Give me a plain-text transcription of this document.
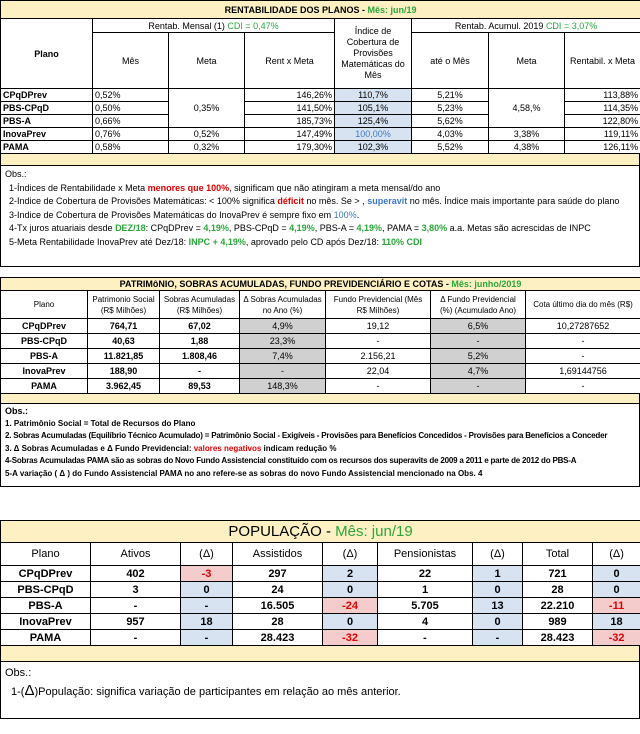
RENTABILIDADE DOS PLANOS - Mês: jun/19							
Plano	Rentab. Mensal (1) CDI = 0,47%			Índice de Cobertura de Provisões Matemáticas do Mês	Rentab. Acumul. 2019 CDI = 3,07%		
	Mês	Meta	Rent x Meta		até o Mês	Meta	Rentabil. x Meta
CPqDPrev	0,52%	0,35%	146,26%	110,7%	5,21%	4,58,%	113,88%
PBS-CPqD	0,50%		141,50%	105,1%	5,23%		114,35%
PBS-A	0,66%		185,73%	125,4%	5,62%		122,80%
InovaPrev	0,76%	0,52%	147,49%	100,00%	4,03%	3,38%	119,11%
PAMA	0,58%	0,32%	179,30%	102,3%	5,52%	4,38%	126,11%
Obs.:
1-Índices de Rentabilidade x Meta menores que 100%, significam que não atingiram a meta mensal/do ano
2-Indice de Cobertura de Provisões Matemáticas: < 100% significa déficit no mês. Se > , superavit no mês. Índice mais importante para saúde do plano
3-Indice de Cobertura de Provisões Matemáticas do InovaPrev é sempre fixo em 100%.
4-Tx juros atuariais desde DEZ/18: CPqDPrev = 4,19%, PBS-CPqD = 4,19%, PBS-A = 4,19%, PAMA = 3,80% a.a. Metas são acrescidas de INPC
5-Meta Rentabilidade InovaPrev até Dez/18: INPC + 4,19%, aprovado pelo CD após Dez/18: 110% CDI
PATRIMôNIO, SOBRAS ACUMULADAS, FUNDO PREVIDENCIÁRIO E COTAS - Mês: junho/2019						
Plano	Patrimonio Social (R$ Milhões)	Sobras Acumuladas (R$ Milhões)	Δ Sobras Acumuladas no Ano (%)	Fundo Previdencial (Mês R$ Milhões)	Δ Fundo Previdencial (%) (Acumulado Ano)	Cota último dia do mês (R$)
CPqDPrev	764,71	67,02	4,9%	19,12	6,5%	10,27287652
PBS-CPqD	40,63	1,88	23,3%	-	-	-
PBS-A	11.821,85	1.808,46	7,4%	2.156,21	5,2%	-
InovaPrev	188,90	-	-	22,04	4,7%	1,69144756
PAMA	3.962,45	89,53	148,3%	-	-	-
Obs.:
1. Patrimônio Social = Total de Recursos do Plano
2. Sobras Acumuladas (Equilíbrio Técnico Acumulado) = Patrimônio Social - Exigíveis - Provisões para Benefícios Concedidos - Provisões para Benefícios a Conceder
3. Δ Sobras Acumuladas e Δ Fundo Previdencial: valores negativos indicam redução %
4-Sobras Acumuladas PAMA são as sobras do Novo Fundo Assistencial constituído com os recursos dos superavits de 2009 a 2011 e parte de 2012 do PBS-A
5-A variação ( Δ ) do Fundo Assistencial PAMA no ano refere-se as sobras do novo Fundo Assistencial mencionado na Obs. 4
POPULAÇÃO - Mês: jun/19								
Plano	Ativos	(Δ)	Assistidos	(Δ)	Pensionistas	(Δ)	Total	(Δ)
CPqDPrev	402	-3	297	2	22	1	721	0
PBS-CPqD	3	0	24	0	1	0	28	0
PBS-A	-	-	16.505	-24	5.705	13	22.210	-11
InovaPrev	957	18	28	0	4	0	989	18
PAMA	-	-	28.423	-32	-	-	28.423	-32
Obs.:
1-(Δ)População: significa variação de participantes em relação ao mês anterior.
